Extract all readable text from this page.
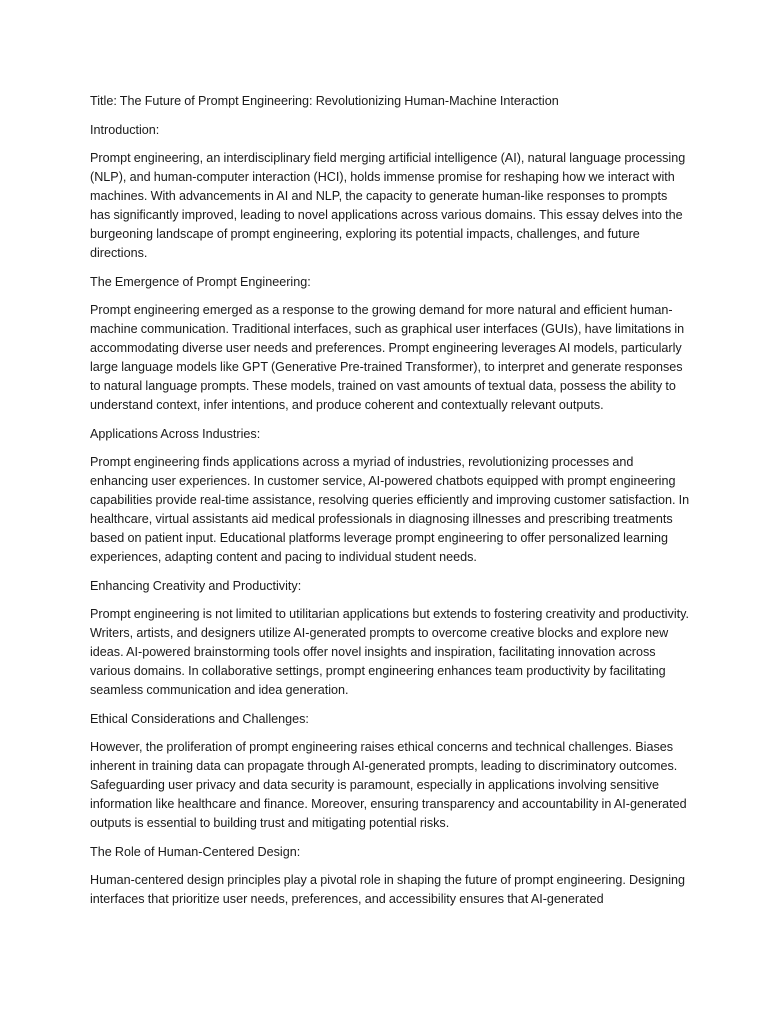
Title: The Future of Prompt Engineering: Revolutionizing Human-Machine Interaction

Introduction:

Prompt engineering, an interdisciplinary field merging artificial intelligence (AI), natural language processing (NLP), and human-computer interaction (HCI), holds immense promise for reshaping how we interact with machines. With advancements in AI and NLP, the capacity to generate human-like responses to prompts has significantly improved, leading to novel applications across various domains. This essay delves into the burgeoning landscape of prompt engineering, exploring its potential impacts, challenges, and future directions.

The Emergence of Prompt Engineering:

Prompt engineering emerged as a response to the growing demand for more natural and efficient human-machine communication. Traditional interfaces, such as graphical user interfaces (GUIs), have limitations in accommodating diverse user needs and preferences. Prompt engineering leverages AI models, particularly large language models like GPT (Generative Pre-trained Transformer), to interpret and generate responses to natural language prompts. These models, trained on vast amounts of textual data, possess the ability to understand context, infer intentions, and produce coherent and contextually relevant outputs.

Applications Across Industries:

Prompt engineering finds applications across a myriad of industries, revolutionizing processes and enhancing user experiences. In customer service, AI-powered chatbots equipped with prompt engineering capabilities provide real-time assistance, resolving queries efficiently and improving customer satisfaction. In healthcare, virtual assistants aid medical professionals in diagnosing illnesses and prescribing treatments based on patient input. Educational platforms leverage prompt engineering to offer personalized learning experiences, adapting content and pacing to individual student needs.

Enhancing Creativity and Productivity:

Prompt engineering is not limited to utilitarian applications but extends to fostering creativity and productivity. Writers, artists, and designers utilize AI-generated prompts to overcome creative blocks and explore new ideas. AI-powered brainstorming tools offer novel insights and inspiration, facilitating innovation across various domains. In collaborative settings, prompt engineering enhances team productivity by facilitating seamless communication and idea generation.

Ethical Considerations and Challenges:

However, the proliferation of prompt engineering raises ethical concerns and technical challenges. Biases inherent in training data can propagate through AI-generated prompts, leading to discriminatory outcomes. Safeguarding user privacy and data security is paramount, especially in applications involving sensitive information like healthcare and finance. Moreover, ensuring transparency and accountability in AI-generated outputs is essential to building trust and mitigating potential risks.

The Role of Human-Centered Design:

Human-centered design principles play a pivotal role in shaping the future of prompt engineering. Designing interfaces that prioritize user needs, preferences, and accessibility ensures that AI-generated
